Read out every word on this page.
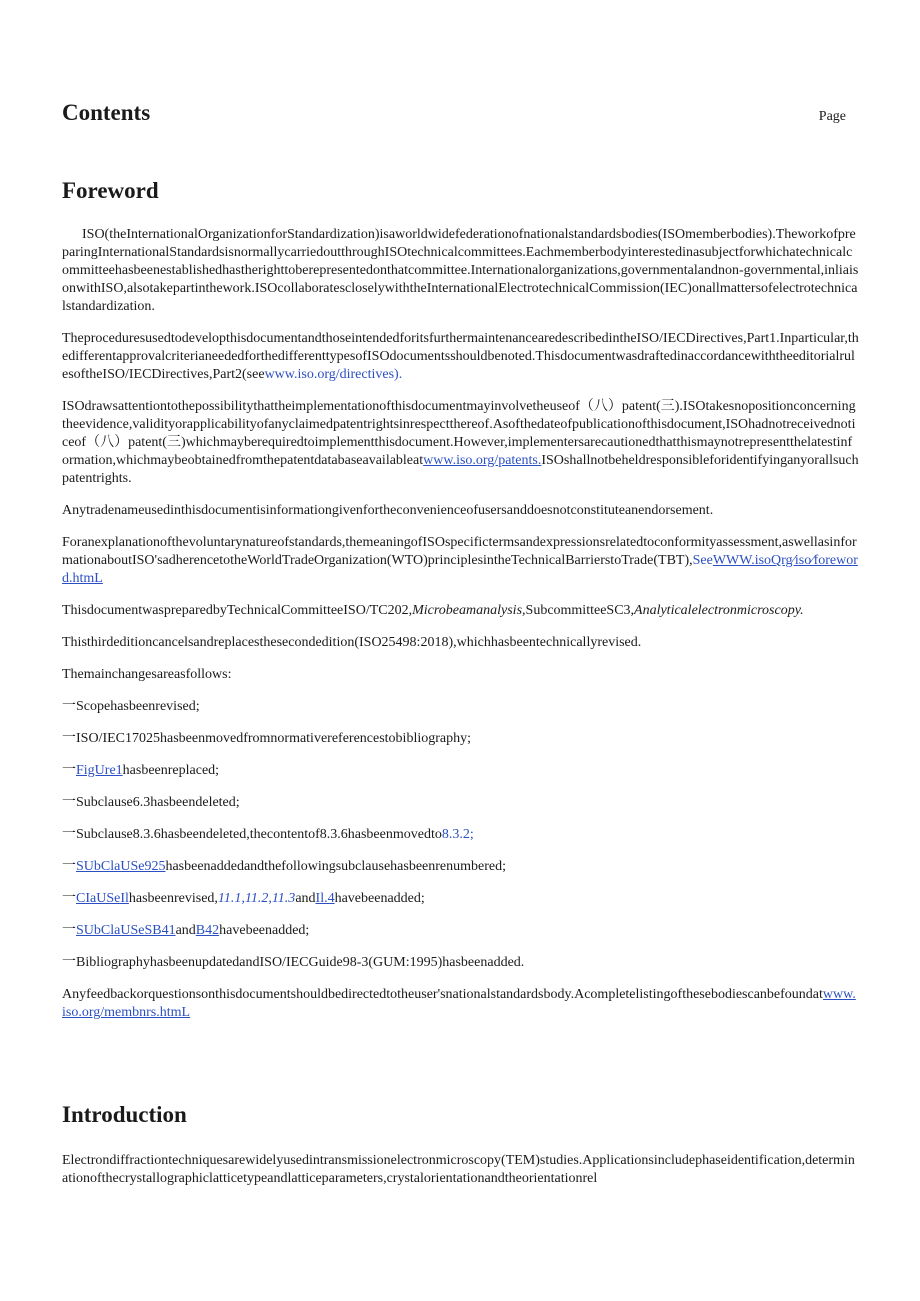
Contents	Page
Foreword

ISO(theInternationalOrganizationforStandardization)isaworldwidefederationofnationalstandardsbodies(ISOmemberbodies).TheworkofpreparingInternationalStandardsisnormallycarriedoutthroughISOtechnicalcommittees.Eachmemberbodyinterestedinasubjectforwhichatechnicalcommitteehasbeenestablishedhastherighttoberepresentedonthatcommittee.Internationalorganizations,governmentalandnon-governmental,inliaisonwithISO,alsotakepartinthework.ISOcollaboratescloselywiththeInternationalElectrotechnicalCommission(IEC)onallmattersofelectrotechnicalstandardization.

TheproceduresusedtodevelopthisdocumentandthoseintendedforitsfurthermaintenancearedescribedintheISO/IECDirectives,Part1.Inparticular,thedifferentapprovalcriterianeededforthedifferenttypesofISOdocumentsshouldbenoted.ThisdocumentwasdraftedinaccordancewiththeeditorialrulesoftheISO/IECDirectives,Part2(seewww.iso.org/directives).

ISOdrawsattentiontothepossibilitythattheimplementationofthisdocumentmayinvolvetheuseof（八）patent(三).ISOtakesnopositionconcerningtheevidence,validityorapplicabilityofanyclaimedpatentrightsinrespectthereof.Asofthedateofpublicationofthisdocument,ISOhadnotreceivednoticeof（八）patent(三)whichmayberequiredtoimplementthisdocument.However,implementersarecautionedthatthismaynotrepresentthelatestinformation,whichmaybeobtainedfromthepatentdatabaseavailableatwww.iso.org/patents.ISOshallnotbeheldresponsibleforidentifyinganyorallsuchpatentrights.

Anytradenameusedinthisdocumentisinformationgivenfortheconvenienceofusersanddoesnotconstituteanendorsement.

Foranexplanationofthevoluntarynatureofstandards,themeaningofISOspecifictermsandexpressionsrelatedtoconformityassessment,aswellasinformationaboutISO'sadherencetotheWorldTradeOrganization(WTO)principlesintheTechnicalBarrierstoTrade(TBT),SeeWWW.isoQrg∕iso∕foreword.htmL

ThisdocumentwaspreparedbyTechnicalCommitteeISO/TC202,Microbeamanalysis,SubcommitteeSC3,Analyticalelectronmicroscopy.

Thisthirdeditioncancelsandreplacesthesecondedition(ISO25498:2018),whichhasbeentechnicallyrevised.

Themainchangesareasfollows:

一Scopehasbeenrevised;

一ISO/IEC17025hasbeenmovedfromnormativereferencestobibliography;

一FigUre1hasbeenreplaced;

一Subclause6.3hasbeendeleted;

一Subclause8.3.6hasbeendeleted,thecontentof8.3.6hasbeenmovedto8.3.2;

一SUbClaUSe925hasbeenaddedandthefollowingsubclausehasbeenrenumbered;

一CIaUSeIlhasbeenrevised,11.1,11.2,11.3andIl.4havebeenadded;

一SUbClaUSeSB41andB42havebeenadded;

一BibliographyhasbeenupdatedandISO/IECGuide98-3(GUM:1995)hasbeenadded.

Anyfeedbackorquestionsonthisdocumentshouldbedirectedtotheuser'snationalstandardsbody.Acompletelistingofthesebodiescanbefoundatwww.iso.org/membnrs.htmL

Introduction
Electrondiffractiontechniquesarewidelyusedintransmissionelectronmicroscopy(TEM)studies.Applicationsincludephaseidentification,determinationofthecrystallographiclatticetypeandlatticeparameters,crystalorientationandtheorientationrel
